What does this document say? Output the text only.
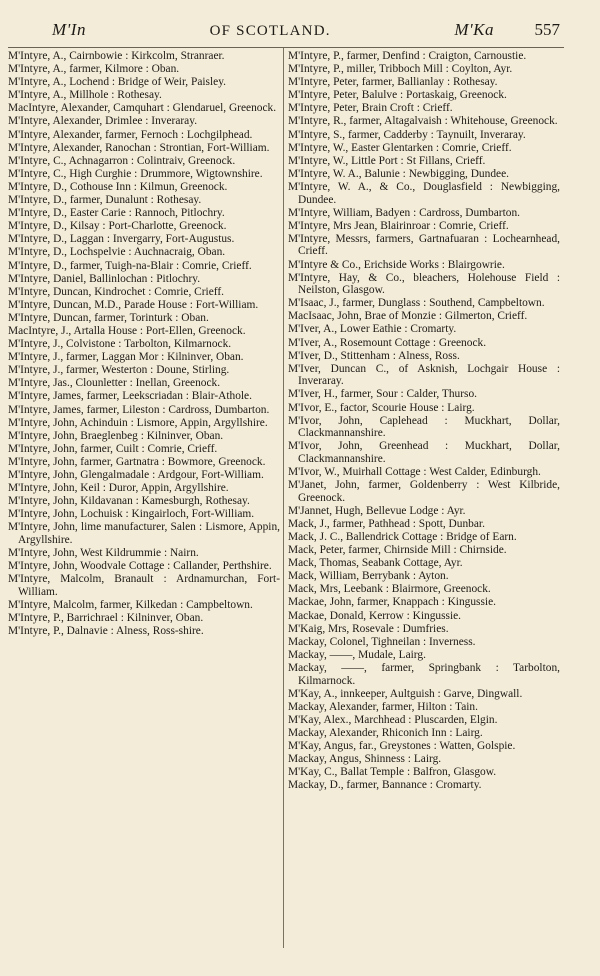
M'In	OF SCOTLAND.	M'Ka 557
M'Intyre, A., Cairnbowie : Kirkcolm, Stranraer.
M'Intyre, A., farmer, Kilmore : Oban.
M'Intyre, A., Lochend : Bridge of Weir, Paisley.
M'Intyre, A., Millhole : Rothesay.
MacIntyre, Alexander, Camquhart : Glendaruel, Greenock.
M'Intyre, Alexander, Drimlee : Inveraray.
M'Intyre, Alexander, farmer, Fernoch : Lochgilphead.
M'Intyre, Alexander, Ranochan : Strontian, Fort-William.
M'Intyre, C., Achnagarron : Colintraiv, Greenock.
M'Intyre, C., High Curghie : Drummore, Wigtownshire.
M'Intyre, D., Cothouse Inn : Kilmun, Greenock.
M'Intyre, D., farmer, Dunalunt : Rothesay.
M'Intyre, D., Easter Carie : Rannoch, Pitlochry.
M'Intyre, D., Kilsay : Port-Charlotte, Greenock.
M'Intyre, D., Laggan : Invergarry, Fort-Augustus.
M'Intyre, D., Lochspelvie : Auchnacraig, Oban.
M'Intyre, D., farmer, Tuigh-na-Blair : Comrie, Crieff.
M'Intyre, Daniel, Ballinlochan : Pitlochry.
M'Intyre, Duncan, Kindrochet : Comrie, Crieff.
M'Intyre, Duncan, M.D., Parade House : Fort-William.
M'Intyre, Duncan, farmer, Torinturk : Oban.
MacIntyre, J., Artalla House : Port-Ellen, Greenock.
M'Intyre, J., Colvistone : Tarbolton, Kilmarnock.
M'Intyre, J., farmer, Laggan Mor : Kilninver, Oban.
M'Intyre, J., farmer, Westerton : Doune, Stirling.
M'Intyre, Jas., Clounletter : Inellan, Greenock.
M'Intyre, James, farmer, Leekscriadan : Blair-Athole.
M'Intyre, James, farmer, Lileston : Cardross, Dumbarton.
M'Intyre, John, Achinduin : Lismore, Appin, Argyllshire.
M'Intyre, John, Braeglenbeg : Kilninver, Oban.
M'Intyre, John, farmer, Cuilt : Comrie, Crieff.
M'Intyre, John, farmer, Gartnatra : Bowmore, Greenock.
M'Intyre, John, Glengalmadale : Ardgour, Fort-William.
M'Intyre, John, Keil : Duror, Appin, Argyllshire.
M'Intyre, John, Kildavanan : Kamesburgh, Rothesay.
M'Intyre, John, Lochuisk : Kingairloch, Fort-William.
M'Intyre, John, lime manufacturer, Salen : Lismore, Appin, Argyllshire.
M'Intyre, John, West Kildrummie : Nairn.
M'Intyre, John, Woodvale Cottage : Callander, Perthshire.
M'Intyre, Malcolm, Branault : Ardnamurchan, Fort-William.
M'Intyre, Malcolm, farmer, Kilkedan : Campbeltown.
M'Intyre, P., Barrichrael : Kilninver, Oban.
M'Intyre, P., Dalnavie : Alness, Ross-shire.
M'Intyre, P., farmer, Denfind : Craigton, Carnoustie.
M'Intyre, P., miller, Tribboch Mill : Coylton, Ayr.
M'Intyre, Peter, farmer, Ballianlay : Rothesay.
M'Intyre, Peter, Balulve : Portaskaig, Greenock.
M'Intyre, Peter, Brain Croft : Crieff.
M'Intyre, R., farmer, Altagalvaish : Whitehouse, Greenock.
M'Intyre, S., farmer, Cadderby : Taynuilt, Inveraray.
M'Intyre, W., Easter Glentarken : Comrie, Crieff.
M'Intyre, W., Little Port : St Fillans, Crieff.
M'Intyre, W. A., Balunie : Newbigging, Dundee.
M'Intyre, W. A., & Co., Douglasfield : Newbigging, Dundee.
M'Intyre, William, Badyen : Cardross, Dumbarton.
M'Intyre, Mrs Jean, Blairinroar : Comrie, Crieff.
M'Intyre, Messrs, farmers, Gartnafuaran : Lochearnhead, Crieff.
M'Intyre & Co., Erichside Works : Blairgowrie.
M'Intyre, Hay, & Co., bleachers, Holehouse Field : Neilston, Glasgow.
M'Isaac, J., farmer, Dunglass : Southend, Campbeltown.
MacIsaac, John, Brae of Monzie : Gilmerton, Crieff.
M'Iver, A., Lower Eathie : Cromarty.
M'Iver, A., Rosemount Cottage : Greenock.
M'Iver, D., Stittenham : Alness, Ross.
M'Iver, Duncan C., of Asknish, Lochgair House : Inveraray.
M'Iver, H., farmer, Sour : Calder, Thurso.
M'Ivor, E., factor, Scourie House : Lairg.
M'Ivor, John, Caplehead : Muckhart, Dollar, Clackmannanshire.
M'Ivor, John, Greenhead : Muckhart, Dollar, Clackmannanshire.
M'Ivor, W., Muirhall Cottage : West Calder, Edinburgh.
M'Janet, John, farmer, Goldenberry : West Kilbride, Greenock.
M'Jannet, Hugh, Bellevue Lodge : Ayr.
Mack, J., farmer, Pathhead : Spott, Dunbar.
Mack, J. C., Ballendrick Cottage : Bridge of Earn.
Mack, Peter, farmer, Chirnside Mill : Chirnside.
Mack, Thomas, Seabank Cottage, Ayr.
Mack, William, Berrybank : Ayton.
Mack, Mrs, Leebank : Blairmore, Greenock.
Mackae, John, farmer, Knappach : Kingussie.
Mackae, Donald, Kerrow : Kingussie.
M'Kaig, Mrs, Rosevale : Dumfries.
Mackay, Colonel, Tighneilan : Inverness.
Mackay, ——, Mudale, Lairg.
Mackay, ——, farmer, Springbank : Tarbolton, Kilmarnock.
M'Kay, A., innkeeper, Aultguish : Garve, Dingwall.
Mackay, Alexander, farmer, Hilton : Tain.
M'Kay, Alex., Marchhead : Pluscarden, Elgin.
Mackay, Alexander, Rhiconich Inn : Lairg.
M'Kay, Angus, far., Greystones : Watten, Golspie.
Mackay, Angus, Shinness : Lairg.
M'Kay, C., Ballat Temple : Balfron, Glasgow.
Mackay, D., farmer, Bannance : Cromarty.
